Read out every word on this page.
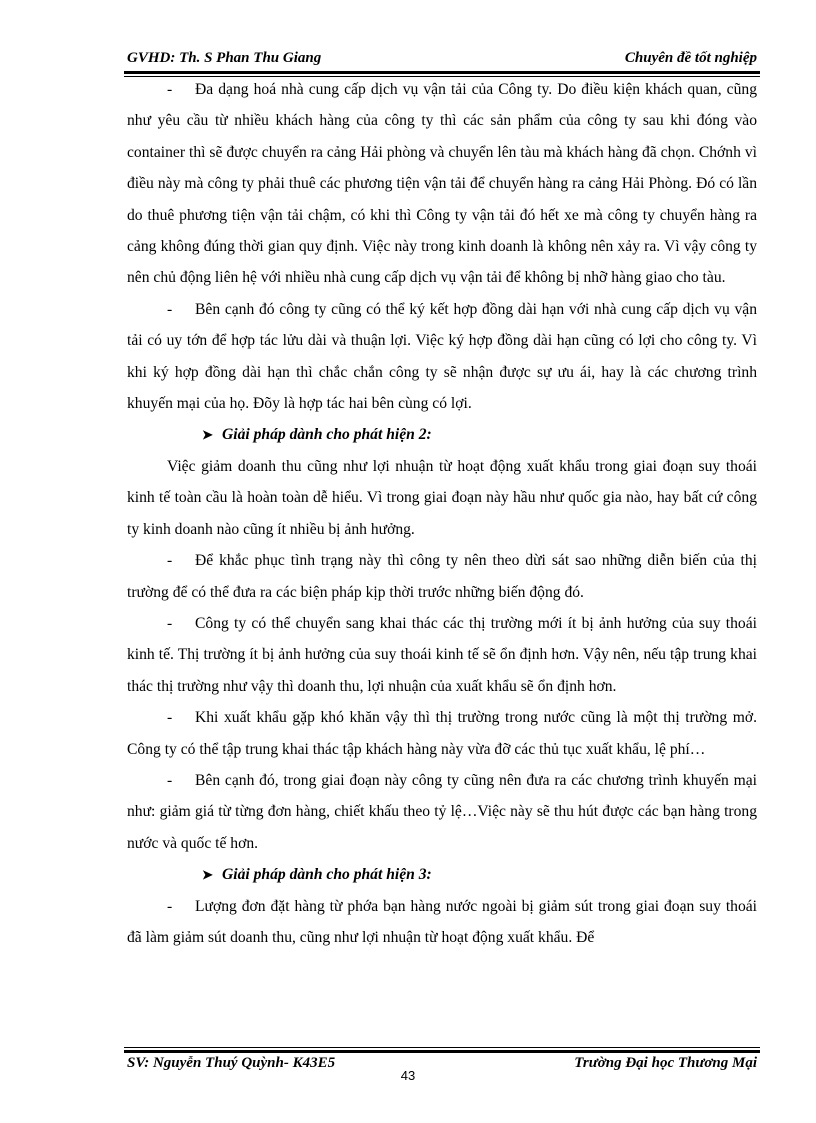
GVHD: Th. S Phan Thu Giang	Chuyên đề tốt nghiệp

- Đa dạng hoá nhà cung cấp dịch vụ vận tải của Công ty. Do điều kiện khách quan, cũng như yêu cầu từ nhiều khách hàng của công ty thì các sản phẩm của công ty sau khi đóng vào container thì sẽ được chuyển ra cảng Hải phòng và chuyển lên tàu mà khách hàng đã chọn. Chớnh vì điều này mà công ty phải thuê các phương tiện vận tải để chuyển hàng ra cảng Hải Phòng. Đó có lần do thuê phương tiện vận tải chậm, có khi thì Công ty vận tải đó hết xe mà công ty chuyển hàng ra cảng không đúng thời gian quy định. Việc này trong kinh doanh là không nên xảy ra. Vì vậy công ty nên chủ động liên hệ với nhiều nhà cung cấp dịch vụ vận tải để không bị nhỡ hàng giao cho tàu.

- Bên cạnh đó công ty cũng có thể ký kết hợp đồng dài hạn với nhà cung cấp dịch vụ vận tải có uy tớn để hợp tác lửu dài và thuận lợi. Việc ký hợp đồng dài hạn cũng có lợi cho công ty. Vì khi ký hợp đồng dài hạn thì chắc chắn công ty sẽ nhận được sự ưu ái, hay là các chương trình khuyến mại của họ. Đõy là hợp tác hai bên cùng có lợi.

➤ Giải pháp dành cho phát hiện 2:

Việc giảm doanh thu cũng như lợi nhuận từ hoạt động xuất khẩu trong giai đoạn suy thoái kinh tế toàn cầu là hoàn toàn dễ hiểu. Vì trong giai đoạn này hầu như quốc gia nào, hay bất cứ công ty kinh doanh nào cũng ít nhiều bị ảnh hưởng.

- Để khắc phục tình trạng này thì công ty nên theo dừi sát sao những diễn biến của thị trường để có thể đưa ra các biện pháp kịp thời trước những biến động đó.

- Công ty có thể chuyển sang khai thác các thị trường mới ít bị ảnh hưởng của suy thoái kinh tế. Thị trường ít bị ảnh hưởng của suy thoái kinh tế sẽ ổn định hơn. Vậy nên, nếu tập trung khai thác thị trường như vậy thì doanh thu, lợi nhuận của xuất khẩu sẽ ổn định hơn.

- Khi xuất khẩu gặp khó khăn vậy thì thị trường trong nước cũng là một thị trường mở. Công ty có thể tập trung khai thác tập khách hàng này vừa đỡ các thủ tục xuất khẩu, lệ phí…

- Bên cạnh đó, trong giai đoạn này công ty cũng nên đưa ra các chương trình khuyến mại như: giảm giá từ từng đơn hàng, chiết khấu theo tỷ lệ…Việc này sẽ thu hút được các bạn hàng trong nước và quốc tế hơn.

➤ Giải pháp dành cho phát hiện 3:

- Lượng đơn đặt hàng từ phớa bạn hàng nước ngoài bị giảm sút trong giai đoạn suy thoái đã làm giảm sút doanh thu, cũng như lợi nhuận từ hoạt động xuất khẩu. Để

SV: Nguyễn Thuý Quỳnh- K43E5	Trường Đại học Thương Mại
43
